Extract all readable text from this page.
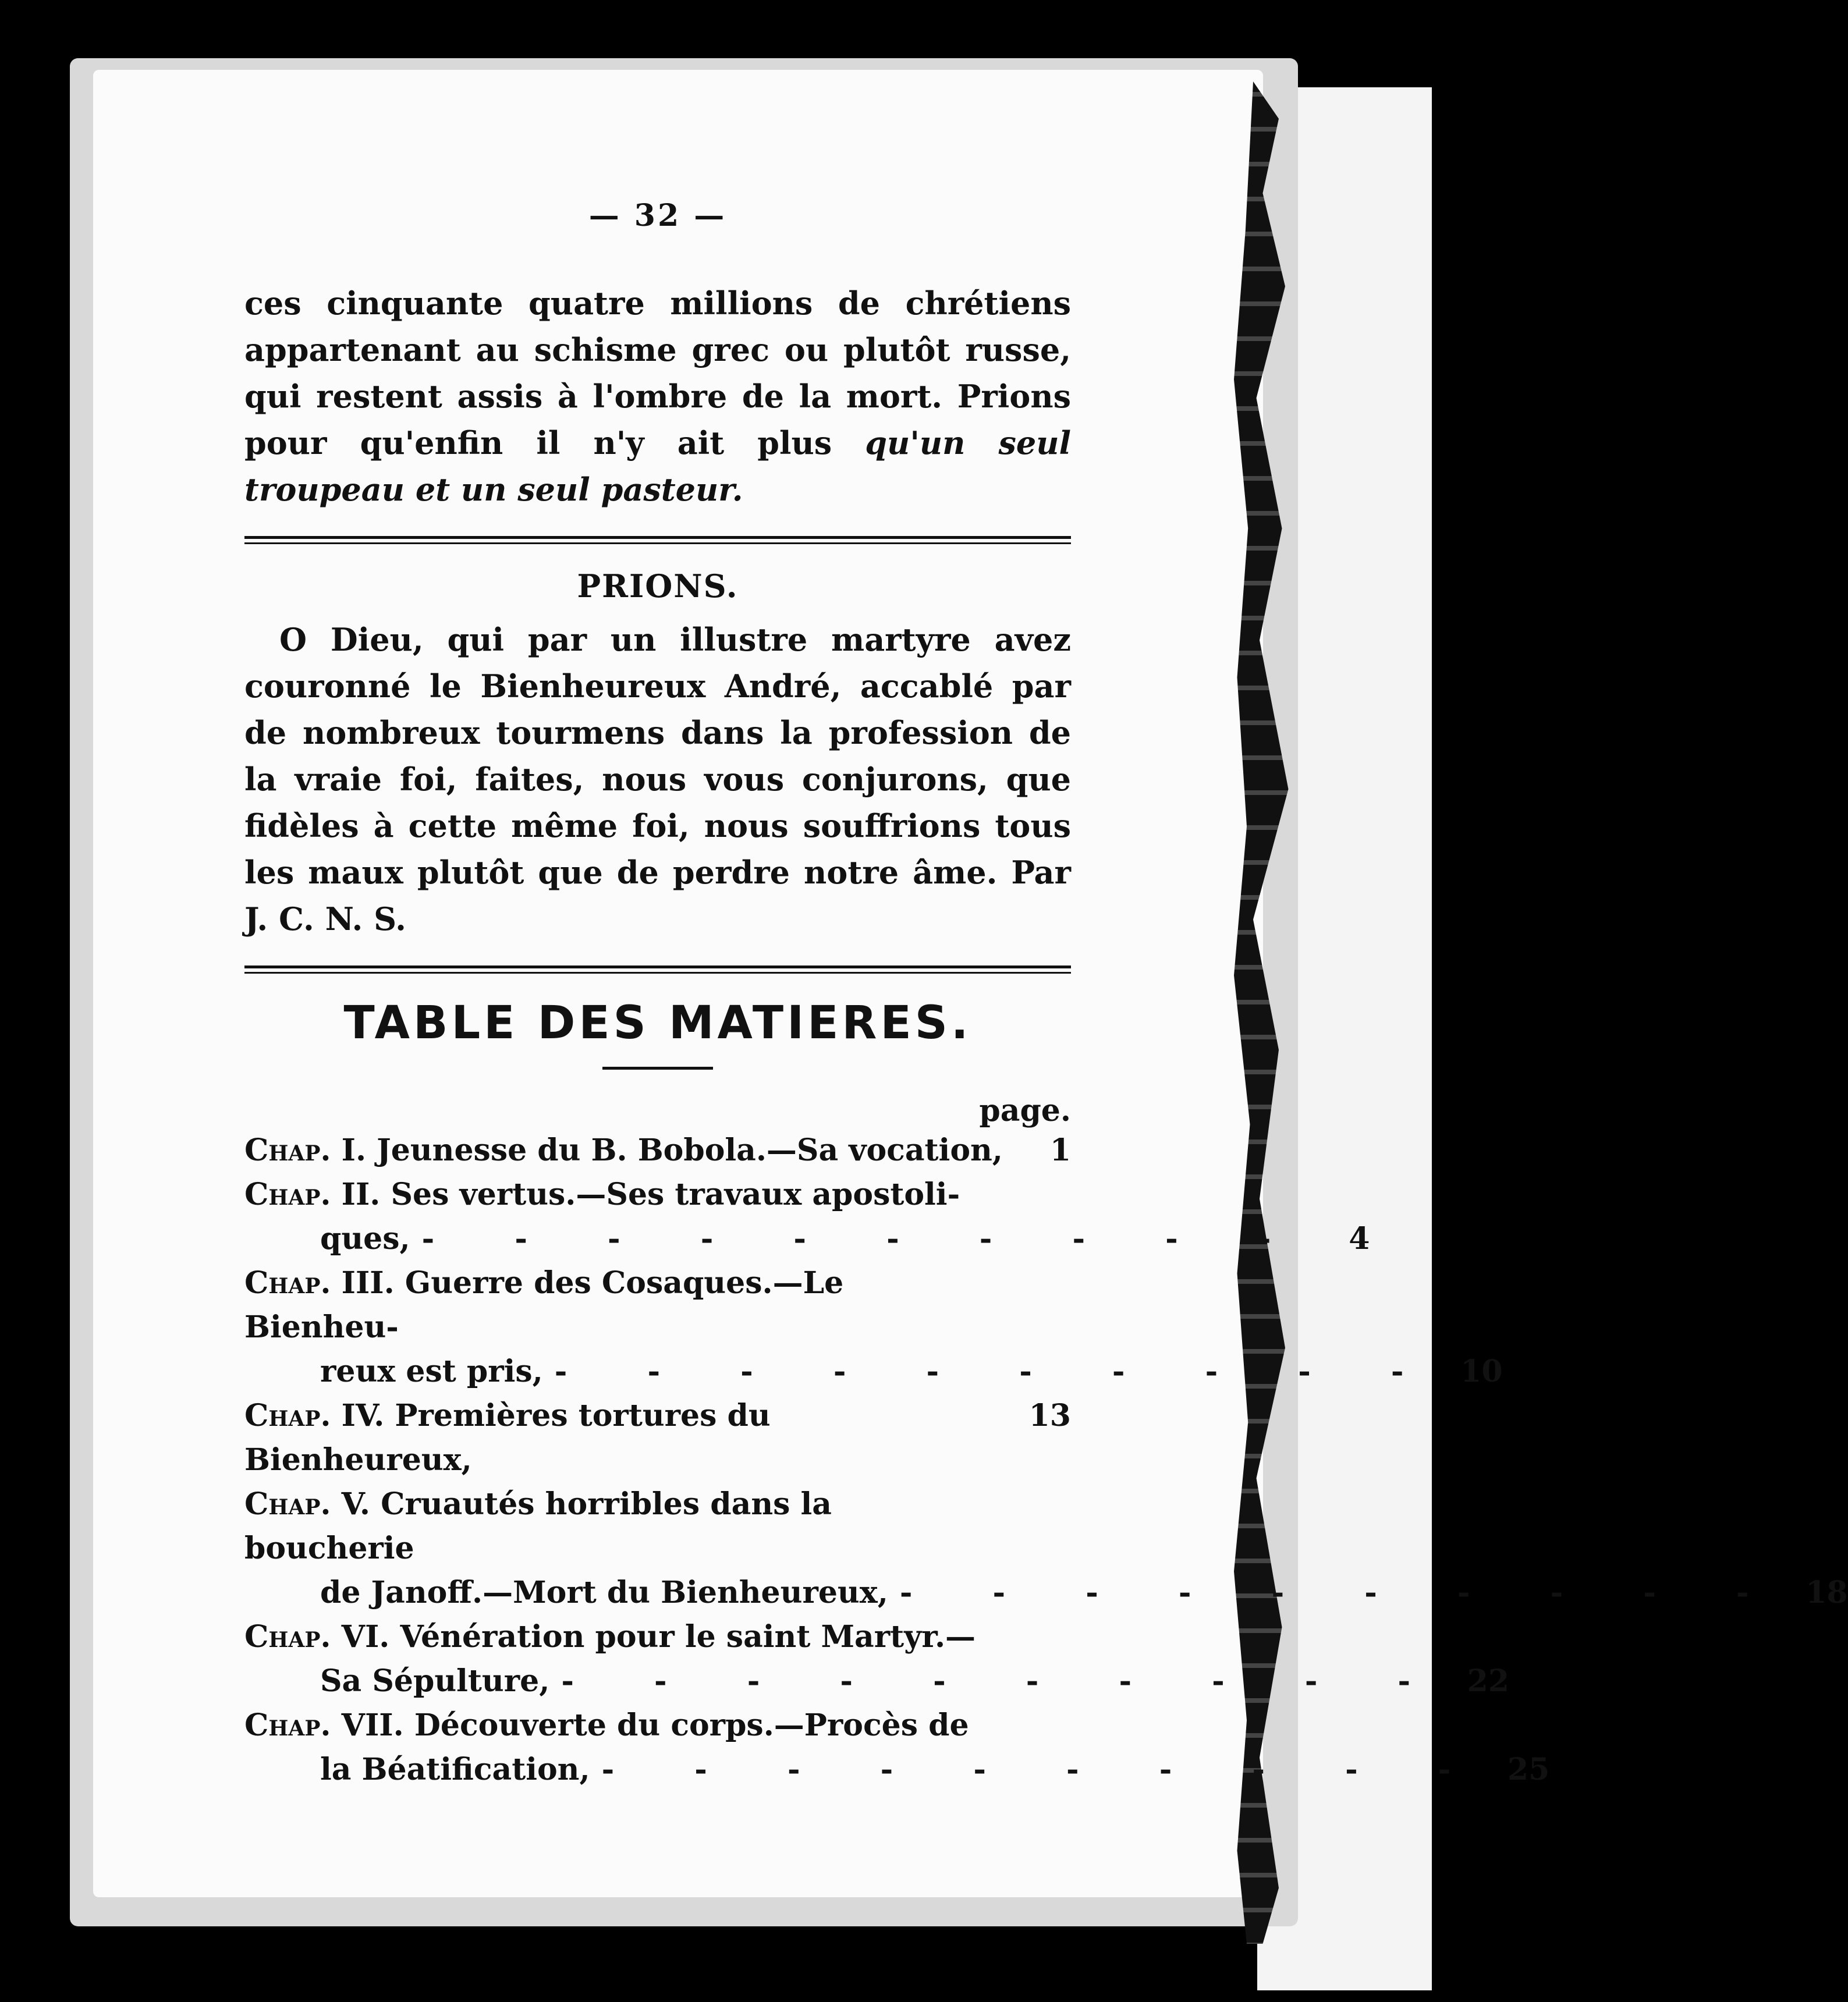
— 32 —

ces cinquante quatre millions de chrétiens appartenant au schisme grec ou plutôt russe, qui restent assis à l'ombre de la mort. Prions pour qu'enfin il n'y ait plus qu'un seul troupeau et un seul pasteur.

PRIONS.

O Dieu, qui par un illustre martyre avez couronné le Bienheureux André, accablé par de nombreux tourmens dans la profession de la vraie foi, faites, nous vous conjurons, que fidèles à cette même foi, nous souffrions tous les maux plutôt que de perdre notre âme. Par J. C. N. S.

TABLE DES MATIERES.

page.

Chap. I. Jeunesse du B. Bobola.—Sa vocation,	1
Chap. II. Ses vertus.—Ses travaux apostoli-
ques, - - - - - - - - - -	4
Chap. III. Guerre des Cosaques.—Le Bienheu-
reux est pris, - - - - - - - - - - 10
Chap. IV. Premières tortures du Bienheureux,
13
Chap. V. Cruautés horribles dans la boucherie
de Janoff.—Mort du Bienheureux, - - - - - - - - - - 18
Chap. VI. Vénération pour le saint Martyr.—
Sa Sépulture, - - - - - - - - - - 22
Chap. VII. Découverte du corps.—Procès de
la Béatification, - - - - - - - - - - 25
